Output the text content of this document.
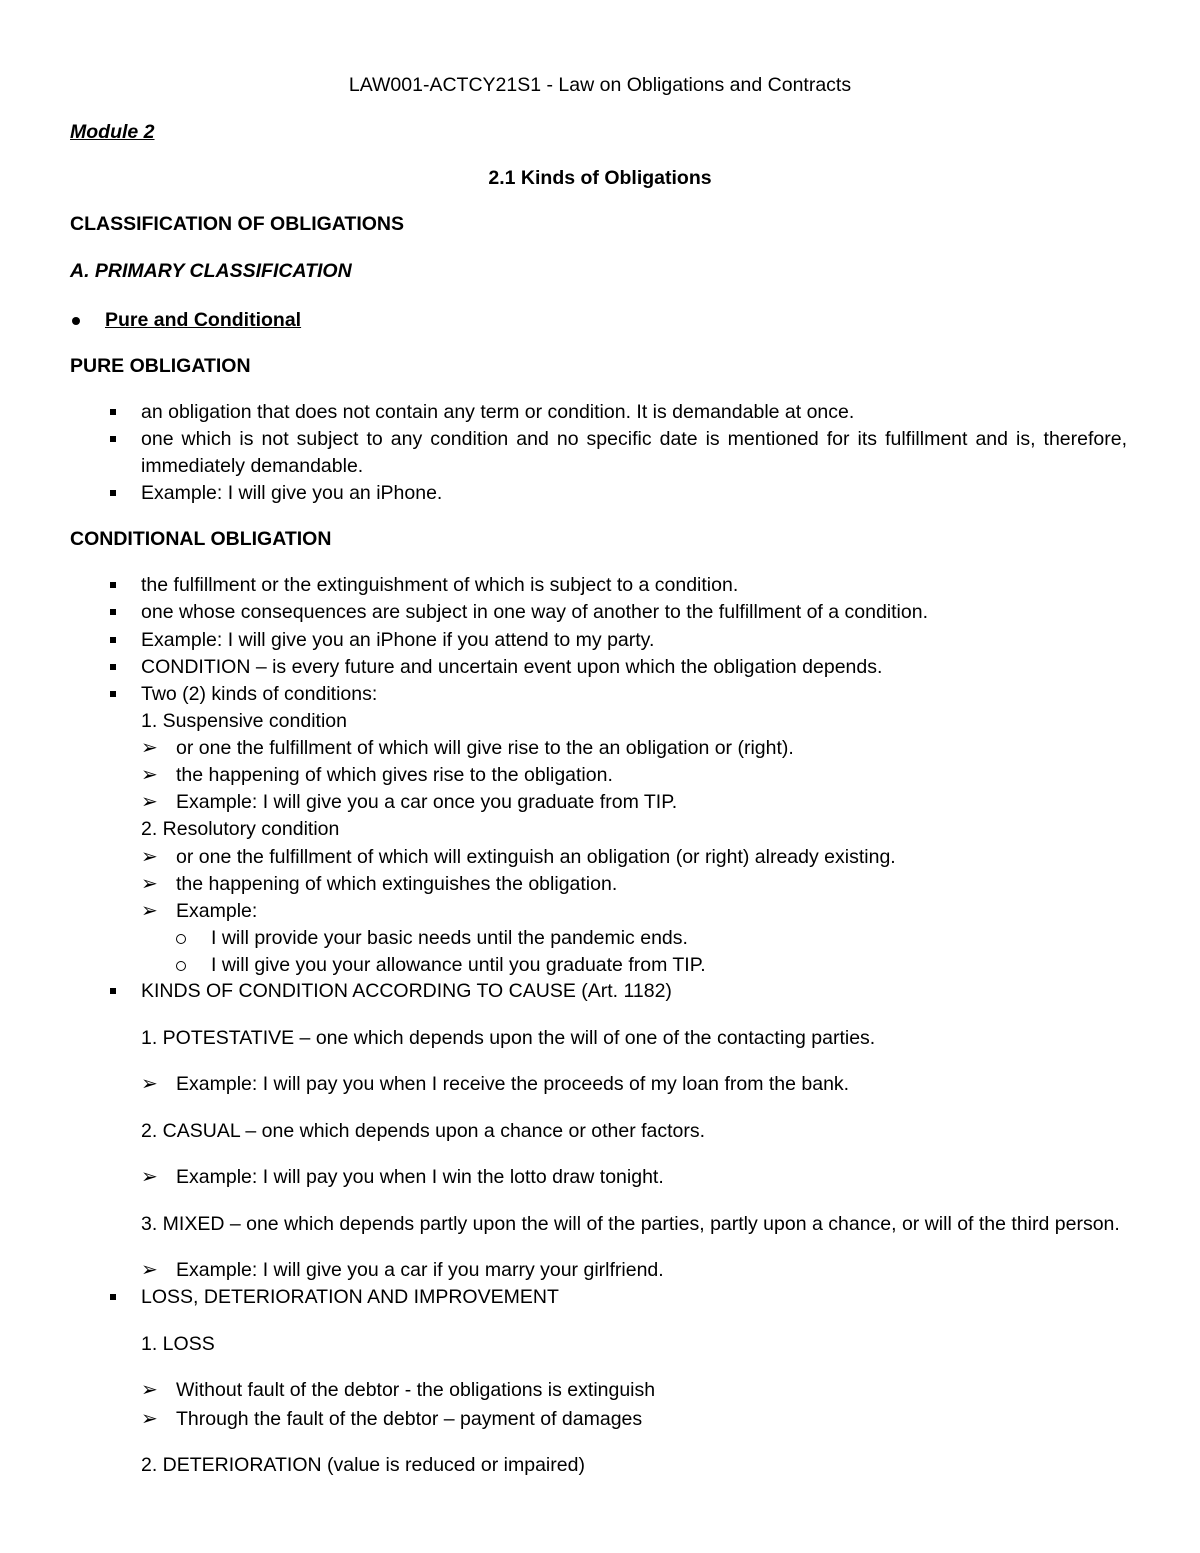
LAW001-ACTCY21S1 - Law on Obligations and Contracts
Module 2
2.1 Kinds of Obligations
CLASSIFICATION OF OBLIGATIONS
A. PRIMARY CLASSIFICATION
Pure and Conditional
PURE OBLIGATION
an obligation that does not contain any term or condition. It is demandable at once.
one which is not subject to any condition and no specific date is mentioned for its fulfillment and is, therefore,
immediately demandable.
Example: I will give you an iPhone.
CONDITIONAL OBLIGATION
the fulfillment or the extinguishment of which is subject to a condition.
one whose consequences are subject in one way of another to the fulfillment of a condition.
Example: I will give you an iPhone if you attend to my party.
CONDITION – is every future and uncertain event upon which the obligation depends.
Two (2) kinds of conditions:
1. Suspensive condition
➢ or one the fulfillment of which will give rise to the an obligation or (right).
➢ the happening of which gives rise to the obligation.
➢ Example: I will give you a car once you graduate from TIP.
2. Resolutory condition
➢ or one the fulfillment of which will extinguish an obligation (or right) already existing.
➢ the happening of which extinguishes the obligation.
➢ Example:
I will provide your basic needs until the pandemic ends.
I will give you your allowance until you graduate from TIP.
KINDS OF CONDITION ACCORDING TO CAUSE (Art. 1182)
1. POTESTATIVE – one which depends upon the will of one of the contacting parties.
➢ Example: I will pay you when I receive the proceeds of my loan from the bank.
2. CASUAL – one which depends upon a chance or other factors.
➢ Example: I will pay you when I win the lotto draw tonight.
3. MIXED – one which depends partly upon the will of the parties, partly upon a chance, or will of the third person.
➢ Example: I will give you a car if you marry your girlfriend.
LOSS, DETERIORATION AND IMPROVEMENT
1. LOSS
➢ Without fault of the debtor - the obligations is extinguish
➢ Through the fault of the debtor – payment of damages
2. DETERIORATION (value is reduced or impaired)
